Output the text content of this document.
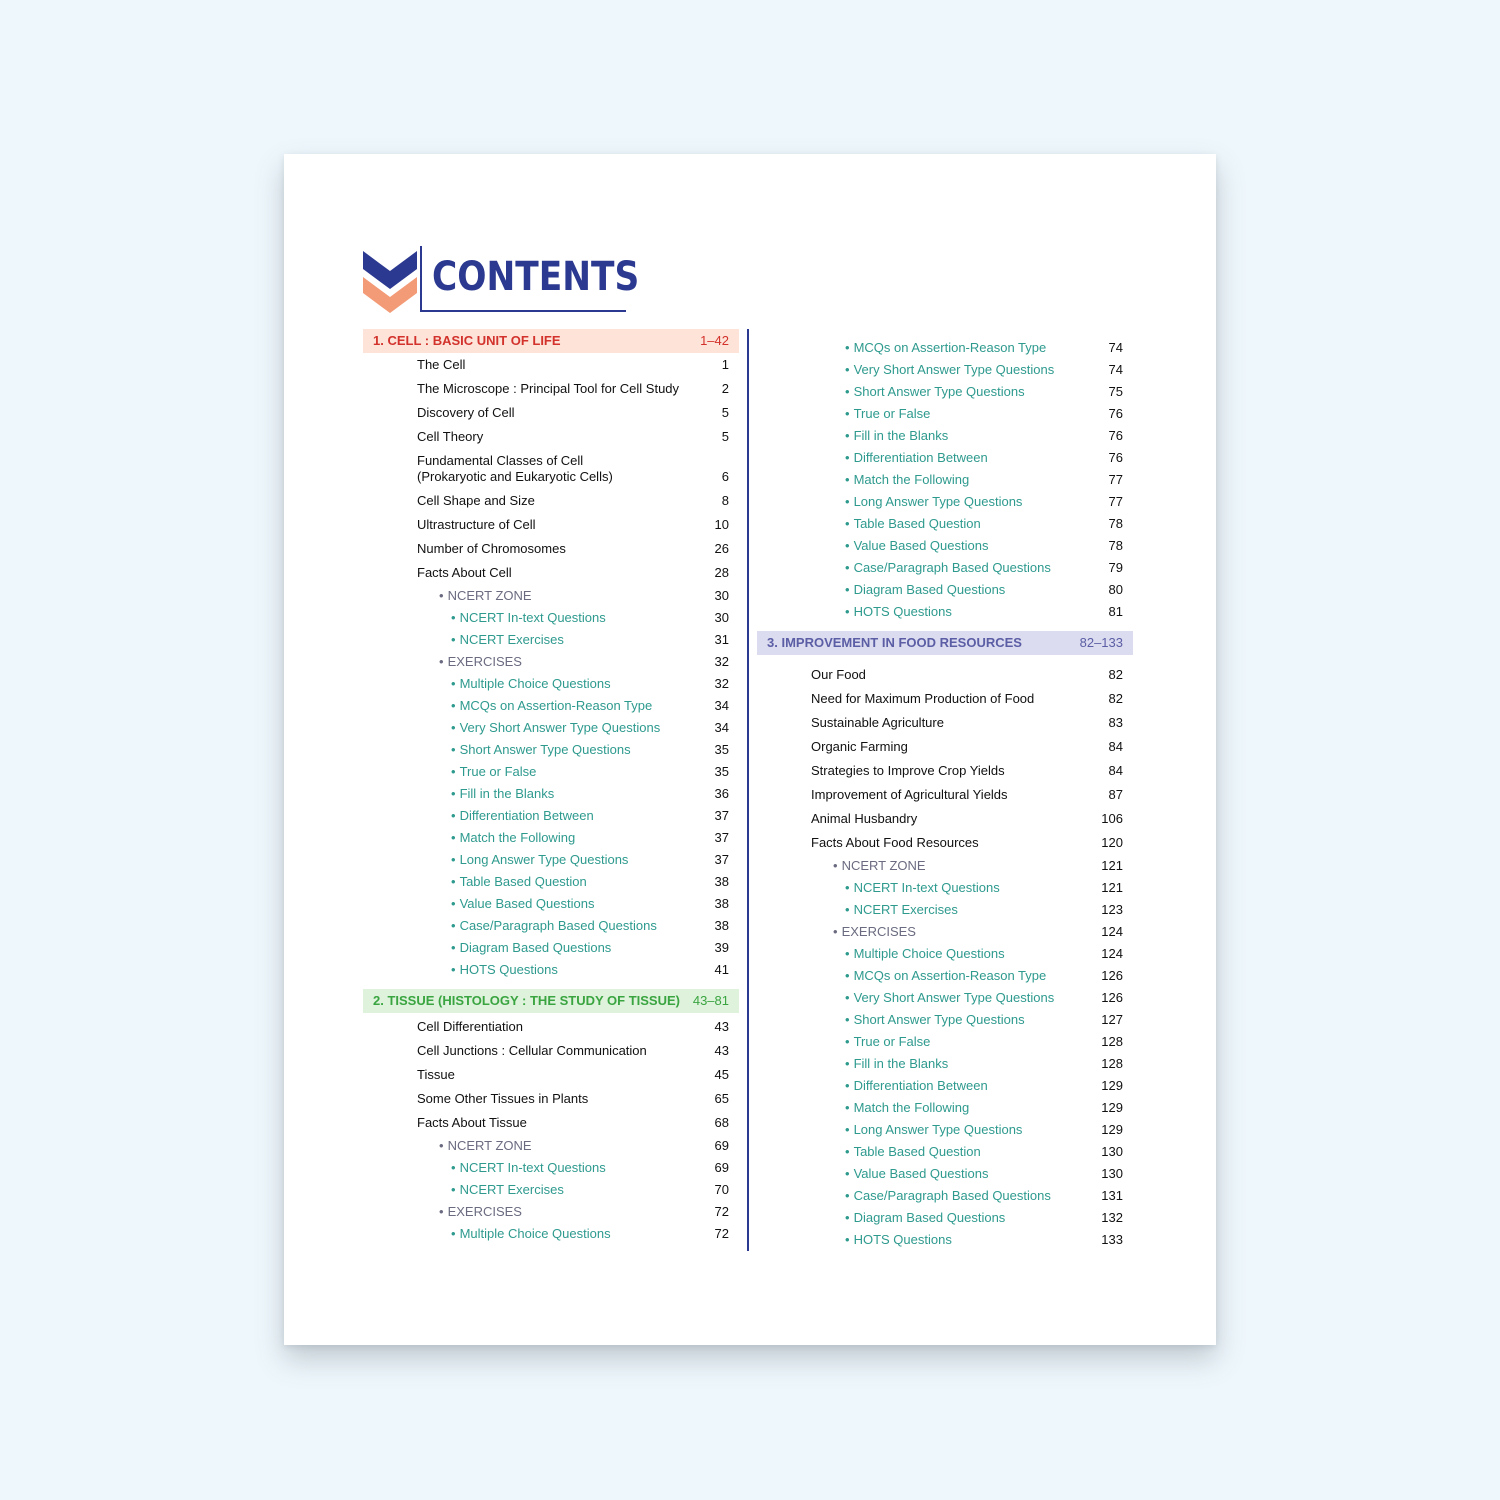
CONTENTS
1. CELL : BASIC UNIT OF LIFE	1–42
The Cell	1
The Microscope : Principal Tool for Cell Study	2
Discovery of Cell	5
Cell Theory	5
Fundamental Classes of Cell
(Prokaryotic and Eukaryotic Cells)	6
Cell Shape and Size	8
Ultrastructure of Cell	10
Number of Chromosomes	26
Facts About Cell	28
• NCERT ZONE	30
• NCERT In-text Questions	30
• NCERT Exercises	31
• EXERCISES	32
• Multiple Choice Questions	32
• MCQs on Assertion-Reason Type	34
• Very Short Answer Type Questions	34
• Short Answer Type Questions	35
• True or False	35
• Fill in the Blanks	36
• Differentiation Between	37
• Match the Following	37
• Long Answer Type Questions	37
• Table Based Question	38
• Value Based Questions	38
• Case/Paragraph Based Questions	38
• Diagram Based Questions	39
• HOTS Questions	41
2. TISSUE (HISTOLOGY : THE STUDY OF TISSUE) 43–81
Cell Differentiation	43
Cell Junctions : Cellular Communication	43
Tissue	45
Some Other Tissues in Plants	65
Facts About Tissue	68
• NCERT ZONE	69
• NCERT In-text Questions	69
• NCERT Exercises	70
• EXERCISES	72
• Multiple Choice Questions	72
• MCQs on Assertion-Reason Type	74
• Very Short Answer Type Questions	74
• Short Answer Type Questions	75
• True or False	76
• Fill in the Blanks	76
• Differentiation Between	76
• Match the Following	77
• Long Answer Type Questions	77
• Table Based Question	78
• Value Based Questions	78
• Case/Paragraph Based Questions	79
• Diagram Based Questions	80
• HOTS Questions	81
3. IMPROVEMENT IN FOOD RESOURCES	82–133
Our Food	82
Need for Maximum Production of Food	82
Sustainable Agriculture	83
Organic Farming	84
Strategies to Improve Crop Yields	84
Improvement of Agricultural Yields	87
Animal Husbandry	106
Facts About Food Resources	120
• NCERT ZONE	121
• NCERT In-text Questions	121
• NCERT Exercises	123
• EXERCISES	124
• Multiple Choice Questions	124
• MCQs on Assertion-Reason Type	126
• Very Short Answer Type Questions	126
• Short Answer Type Questions	127
• True or False	128
• Fill in the Blanks	128
• Differentiation Between	129
• Match the Following	129
• Long Answer Type Questions	129
• Table Based Question	130
• Value Based Questions	130
• Case/Paragraph Based Questions	131
• Diagram Based Questions	132
• HOTS Questions	133
